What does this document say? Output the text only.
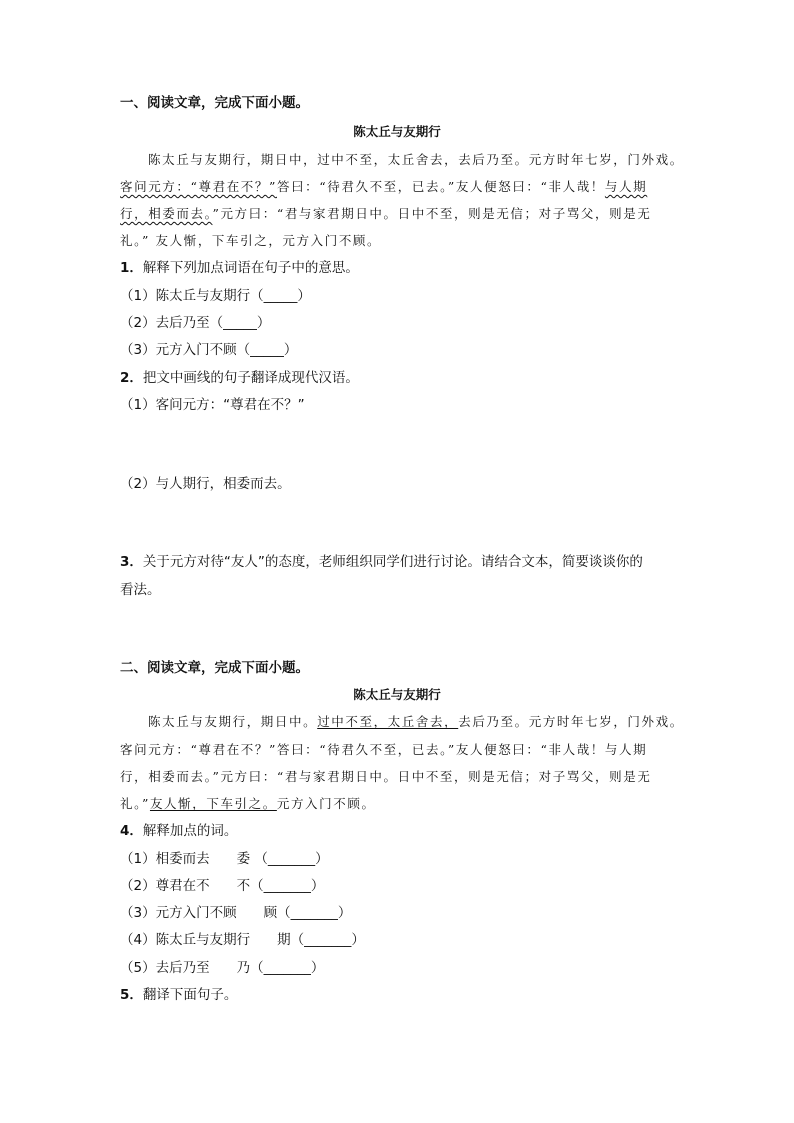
一、阅读文章，完成下面小题。
陈太丘与友期行
陈太丘与友期行，期日中，过中不至，太丘舍去，去后乃至。元方时年七岁，门外戏。
客问元方：“尊君在不？”答曰：“待君久不至，已去。”友人便怒曰：“非人哉！与人期
行，相委而去。”元方曰：“君与家君期日中。日中不至，则是无信；对子骂父，则是无
礼。” 友人惭，下车引之，元方入门不顾。
1．解释下列加点词语在句子中的意思。
（1）陈太丘与友期行（_____）
（2）去后乃至（_____）
（3）元方入门不顾（_____）
2．把文中画线的句子翻译成现代汉语。
（1）客问元方：“尊君在不？”
（2）与人期行，相委而去。
3．关于元方对待“友人”的态度，老师组织同学们进行讨论。请结合文本，简要谈谈你的
看法。
二、阅读文章，完成下面小题。
陈太丘与友期行
陈太丘与友期行，期日中。过中不至，太丘舍去，去后乃至。元方时年七岁，门外戏。
客问元方：“尊君在不？”答曰：“待君久不至，已去。”友人便怒曰：“非人哉！与人期
行，相委而去。”元方曰：“君与家君期日中。日中不至，则是无信；对子骂父，则是无
礼。”友人惭，下车引之。元方入门不顾。
4．解释加点的词。
（1）相委而去　　委 （_______）
（2）尊君在不　　不（_______）
（3）元方入门不顾　　顾（_______）
（4）陈太丘与友期行　　期（_______）
（5）去后乃至　　乃（_______）
5．翻译下面句子。
